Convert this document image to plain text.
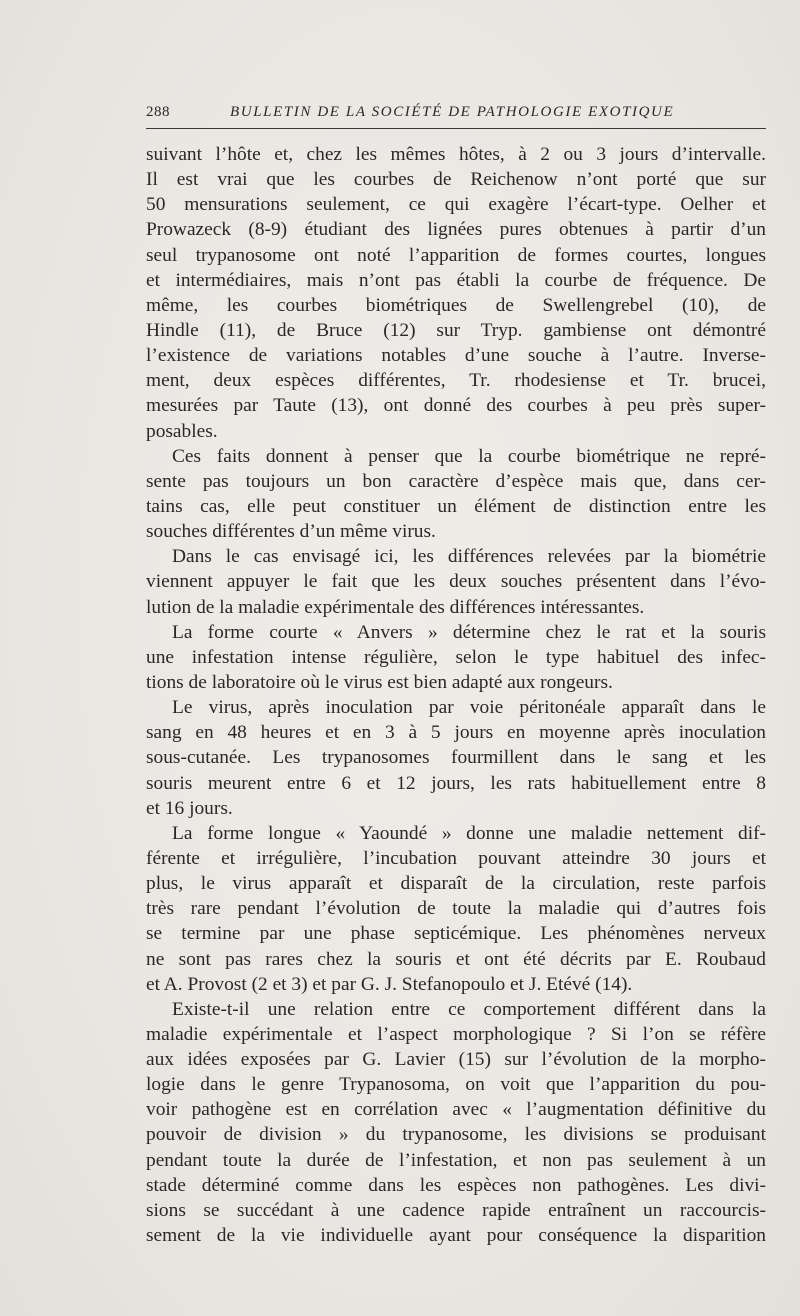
288	BULLETIN DE LA SOCIÉTÉ DE PATHOLOGIE EXOTIQUE
suivant l’hôte et, chez les mêmes hôtes, à 2 ou 3 jours d’intervalle.
Il est vrai que les courbes de Reichenow n’ont porté que sur
50 mensurations seulement, ce qui exagère l’écart-type. Oelher et
Prowazeck (8-9) étudiant des lignées pures obtenues à partir d’un
seul trypanosome ont noté l’apparition de formes courtes, longues
et intermédiaires, mais n’ont pas établi la courbe de fréquence. De
même, les courbes biométriques de Swellengrebel (10), de
Hindle (11), de Bruce (12) sur Tryp. gambiense ont démontré
l’existence de variations notables d’une souche à l’autre. Inverse-
ment, deux espèces différentes, Tr. rhodesiense et Tr. brucei,
mesurées par Taute (13), ont donné des courbes à peu près super-
posables.
Ces faits donnent à penser que la courbe biométrique ne repré-
sente pas toujours un bon caractère d’espèce mais que, dans cer-
tains cas, elle peut constituer un élément de distinction entre les
souches différentes d’un même virus.
Dans le cas envisagé ici, les différences relevées par la biométrie
viennent appuyer le fait que les deux souches présentent dans l’évo-
lution de la maladie expérimentale des différences intéressantes.
La forme courte « Anvers » détermine chez le rat et la souris
une infestation intense régulière, selon le type habituel des infec-
tions de laboratoire où le virus est bien adapté aux rongeurs.
Le virus, après inoculation par voie péritonéale apparaît dans le
sang en 48 heures et en 3 à 5 jours en moyenne après inoculation
sous-cutanée. Les trypanosomes fourmillent dans le sang et les
souris meurent entre 6 et 12 jours, les rats habituellement entre 8
et 16 jours.
La forme longue « Yaoundé » donne une maladie nettement dif-
férente et irrégulière, l’incubation pouvant atteindre 30 jours et
plus, le virus apparaît et disparaît de la circulation, reste parfois
très rare pendant l’évolution de toute la maladie qui d’autres fois
se termine par une phase septicémique. Les phénomènes nerveux
ne sont pas rares chez la souris et ont été décrits par E. Roubaud
et A. Provost (2 et 3) et par G. J. Stefanopoulo et J. Etévé (14).
Existe-t-il une relation entre ce comportement différent dans la
maladie expérimentale et l’aspect morphologique ? Si l’on se réfère
aux idées exposées par G. Lavier (15) sur l’évolution de la morpho-
logie dans le genre Trypanosoma, on voit que l’apparition du pou-
voir pathogène est en corrélation avec « l’augmentation définitive du
pouvoir de division » du trypanosome, les divisions se produisant
pendant toute la durée de l’infestation, et non pas seulement à un
stade déterminé comme dans les espèces non pathogènes. Les divi-
sions se succédant à une cadence rapide entraînent un raccourcis-
sement de la vie individuelle ayant pour conséquence la disparition
